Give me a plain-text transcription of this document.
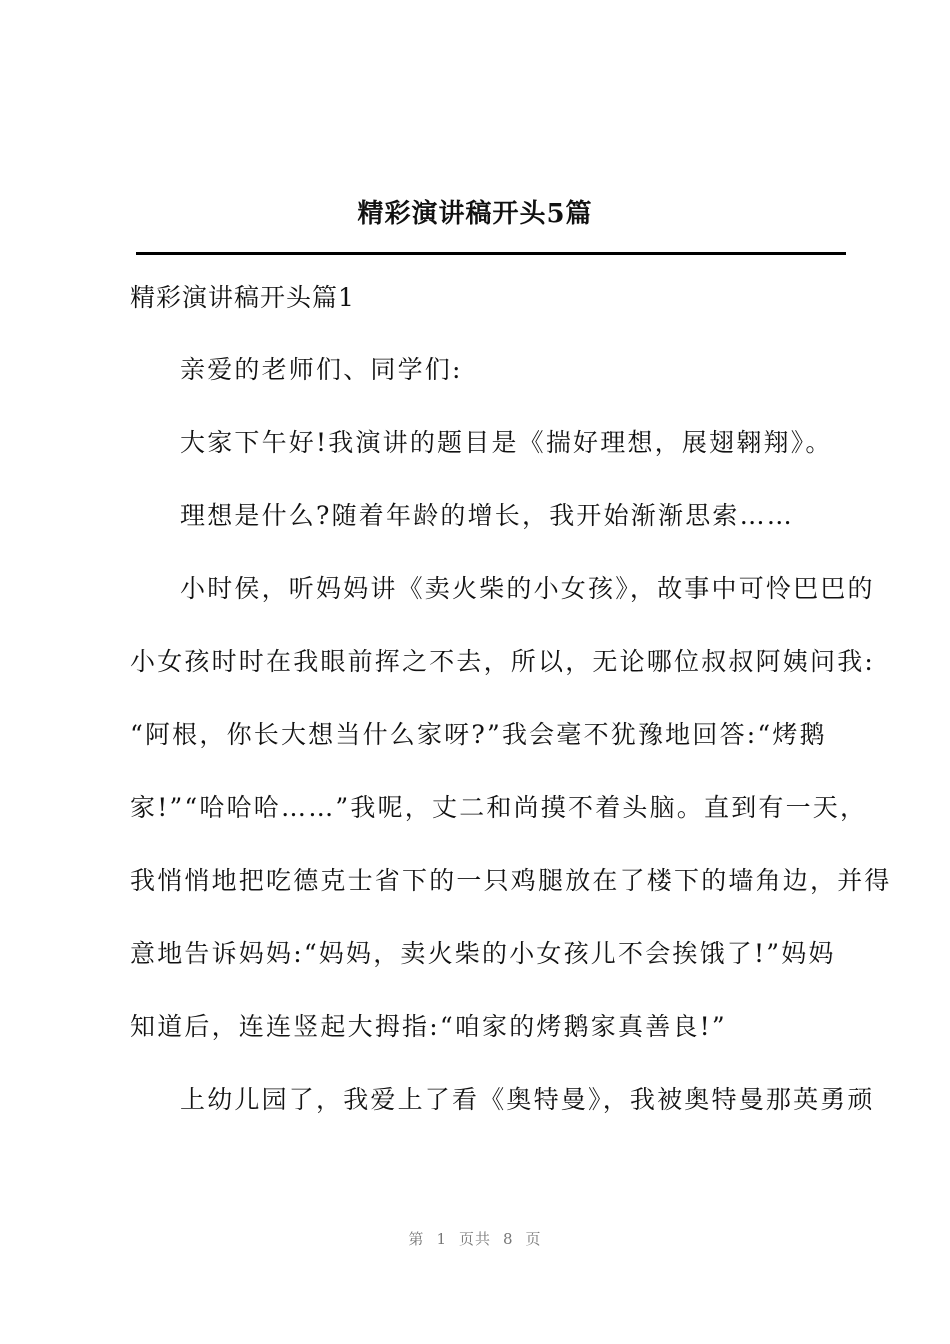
精彩演讲稿开头5篇
精彩演讲稿开头篇1
亲爱的老师们、同学们:
大家下午好!我演讲的题目是《揣好理想，展翅翱翔》。
理想是什么?随着年龄的增长，我开始渐渐思索……
小时侯，听妈妈讲《卖火柴的小女孩》，故事中可怜巴巴的
小女孩时时在我眼前挥之不去，所以，无论哪位叔叔阿姨问我:
“阿根，你长大想当什么家呀?”我会毫不犹豫地回答:“烤鹅
家!”“哈哈哈……”我呢，丈二和尚摸不着头脑。直到有一天，
我悄悄地把吃德克士省下的一只鸡腿放在了楼下的墙角边，并得
意地告诉妈妈:“妈妈，卖火柴的小女孩儿不会挨饿了!”妈妈
知道后，连连竖起大拇指:“咱家的烤鹅家真善良!”
上幼儿园了，我爱上了看《奥特曼》，我被奥特曼那英勇顽
第 1 页共 8 页
